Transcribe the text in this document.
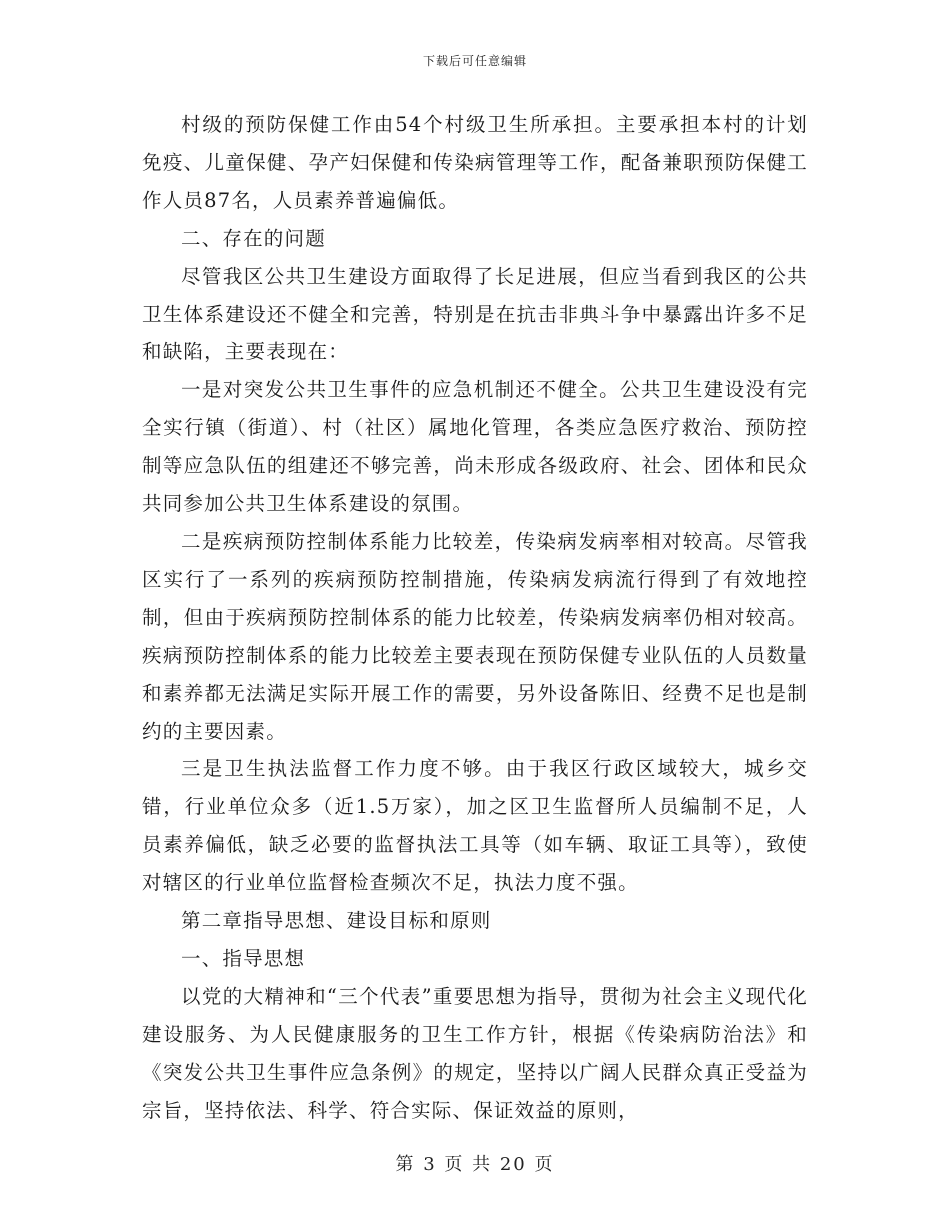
下载后可任意编辑

村级的预防保健工作由54个村级卫生所承担。主要承担本村的计划免疫、儿童保健、孕产妇保健和传染病管理等工作，配备兼职预防保健工作人员87名，人员素养普遍偏低。

二、存在的问题

尽管我区公共卫生建设方面取得了长足进展，但应当看到我区的公共卫生体系建设还不健全和完善，特别是在抗击非典斗争中暴露出许多不足和缺陷，主要表现在：

一是对突发公共卫生事件的应急机制还不健全。公共卫生建设没有完全实行镇（街道）、村（社区）属地化管理，各类应急医疗救治、预防控制等应急队伍的组建还不够完善，尚未形成各级政府、社会、团体和民众共同参加公共卫生体系建设的氛围。

二是疾病预防控制体系能力比较差，传染病发病率相对较高。尽管我区实行了一系列的疾病预防控制措施，传染病发病流行得到了有效地控制，但由于疾病预防控制体系的能力比较差，传染病发病率仍相对较高。疾病预防控制体系的能力比较差主要表现在预防保健专业队伍的人员数量和素养都无法满足实际开展工作的需要，另外设备陈旧、经费不足也是制约的主要因素。

三是卫生执法监督工作力度不够。由于我区行政区域较大，城乡交错，行业单位众多（近1.5万家），加之区卫生监督所人员编制不足，人员素养偏低，缺乏必要的监督执法工具等（如车辆、取证工具等），致使对辖区的行业单位监督检查频次不足，执法力度不强。

第二章指导思想、建设目标和原则

一、指导思想

以党的大精神和“三个代表”重要思想为指导，贯彻为社会主义现代化建设服务、为人民健康服务的卫生工作方针，根据《传染病防治法》和《突发公共卫生事件应急条例》的规定，坚持以广阔人民群众真正受益为宗旨，坚持依法、科学、符合实际、保证效益的原则，

第 3 页 共 20 页
